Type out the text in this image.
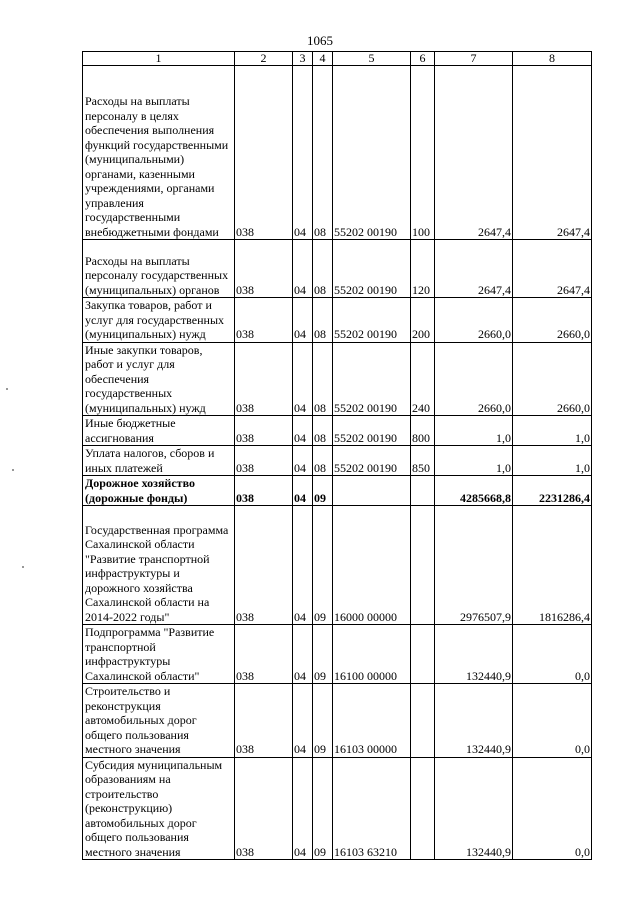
1065
1	2	3	4	5	6	7	8
Расходы на выплаты персоналу в целях обеспечения выполнения функций государственными (муниципальными) органами, казенными учреждениями, органами управления государственными внебюджетными фондами	038	04	08	55202 00190	100	2647,4	2647,4
Расходы на выплаты персоналу государственных (муниципальных) органов	038	04	08	55202 00190	120	2647,4	2647,4
Закупка товаров, работ и услуг для государственных (муниципальных) нужд	038	04	08	55202 00190	200	2660,0	2660,0
Иные закупки товаров, работ и услуг для обеспечения государственных (муниципальных) нужд	038	04	08	55202 00190	240	2660,0	2660,0
Иные бюджетные ассигнования	038	04	08	55202 00190	800	1,0	1,0
Уплата налогов, сборов и иных платежей	038	04	08	55202 00190	850	1,0	1,0
Дорожное хозяйство (дорожные фонды)	038	04	09			4285668,8	2231286,4
Государственная программа Сахалинской области "Развитие транспортной инфраструктуры и дорожного хозяйства Сахалинской области на 2014-2022 годы"	038	04	09	16000 00000		2976507,9	1816286,4
Подпрограмма "Развитие транспортной инфраструктуры Сахалинской области"	038	04	09	16100 00000		132440,9	0,0
Строительство и реконструкция автомобильных дорог общего пользования местного значения	038	04	09	16103 00000		132440,9	0,0
Субсидия муниципальным образованиям на строительство (реконструкцию) автомобильных дорог общего пользования местного значения	038	04	09	16103 63210		132440,9	0,0
